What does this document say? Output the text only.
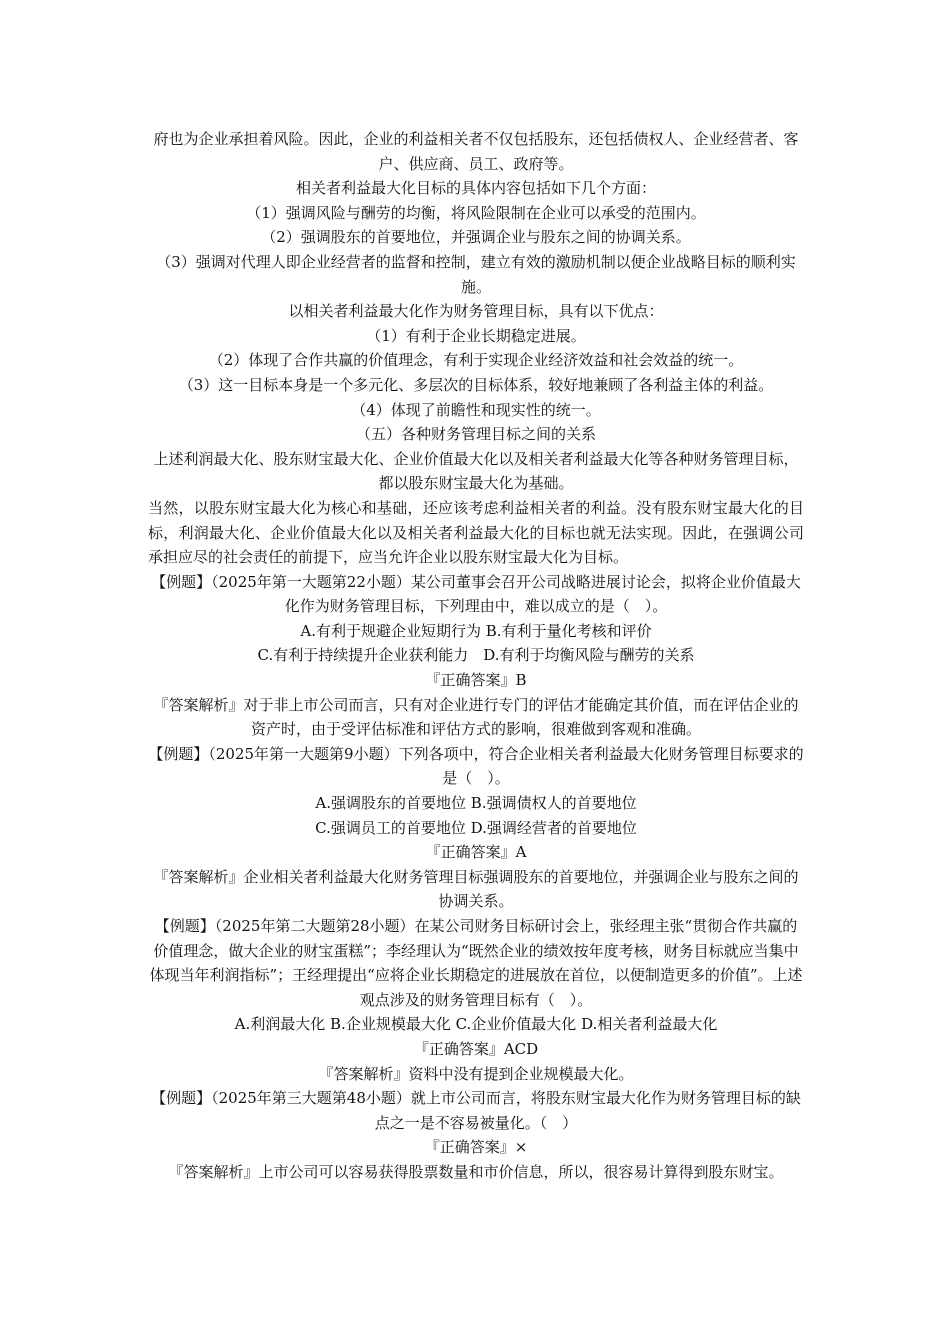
府也为企业承担着风险。因此，企业的利益相关者不仅包括股东，还包括债权人、企业经营者、客户、供应商、员工、政府等。

相关者利益最大化目标的具体内容包括如下几个方面：

（1）强调风险与酬劳的均衡，将风险限制在企业可以承受的范围内。

（2）强调股东的首要地位，并强调企业与股东之间的协调关系。

（3）强调对代理人即企业经营者的监督和控制，建立有效的激励机制以便企业战略目标的顺利实施。

以相关者利益最大化作为财务管理目标，具有以下优点：

（1）有利于企业长期稳定进展。

（2）体现了合作共赢的价值理念，有利于实现企业经济效益和社会效益的统一。

（3）这一目标本身是一个多元化、多层次的目标体系，较好地兼顾了各利益主体的利益。

（4）体现了前瞻性和现实性的统一。

（五）各种财务管理目标之间的关系

上述利润最大化、股东财宝最大化、企业价值最大化以及相关者利益最大化等各种财务管理目标，都以股东财宝最大化为基础。

当然，以股东财宝最大化为核心和基础，还应该考虑利益相关者的利益。没有股东财宝最大化的目标，利润最大化、企业价值最大化以及相关者利益最大化的目标也就无法实现。因此，在强调公司承担应尽的社会责任的前提下，应当允许企业以股东财宝最大化为目标。

【例题】（2025年第一大题第22小题）某公司董事会召开公司战略进展讨论会，拟将企业价值最大化作为财务管理目标，下列理由中，难以成立的是（　）。

A.有利于规避企业短期行为 B.有利于量化考核和评价

C.有利于持续提升企业获利能力　D.有利于均衡风险与酬劳的关系

『正确答案』B

『答案解析』对于非上市公司而言，只有对企业进行专门的评估才能确定其价值，而在评估企业的资产时，由于受评估标准和评估方式的影响，很难做到客观和准确。

【例题】（2025年第一大题第9小题）下列各项中，符合企业相关者利益最大化财务管理目标要求的是（　）。

A.强调股东的首要地位 B.强调债权人的首要地位

C.强调员工的首要地位 D.强调经营者的首要地位

『正确答案』A

『答案解析』企业相关者利益最大化财务管理目标强调股东的首要地位，并强调企业与股东之间的协调关系。

【例题】（2025年第二大题第28小题）在某公司财务目标研讨会上，张经理主张“贯彻合作共赢的价值理念，做大企业的财宝蛋糕”；李经理认为“既然企业的绩效按年度考核，财务目标就应当集中体现当年利润指标”；王经理提出“应将企业长期稳定的进展放在首位，以便制造更多的价值”。上述观点涉及的财务管理目标有（　）。

A.利润最大化 B.企业规模最大化 C.企业价值最大化 D.相关者利益最大化

『正确答案』ACD

『答案解析』资料中没有提到企业规模最大化。

【例题】（2025年第三大题第48小题）就上市公司而言，将股东财宝最大化作为财务管理目标的缺点之一是不容易被量化。（　）

『正确答案』×

『答案解析』上市公司可以容易获得股票数量和市价信息，所以，很容易计算得到股东财宝。
